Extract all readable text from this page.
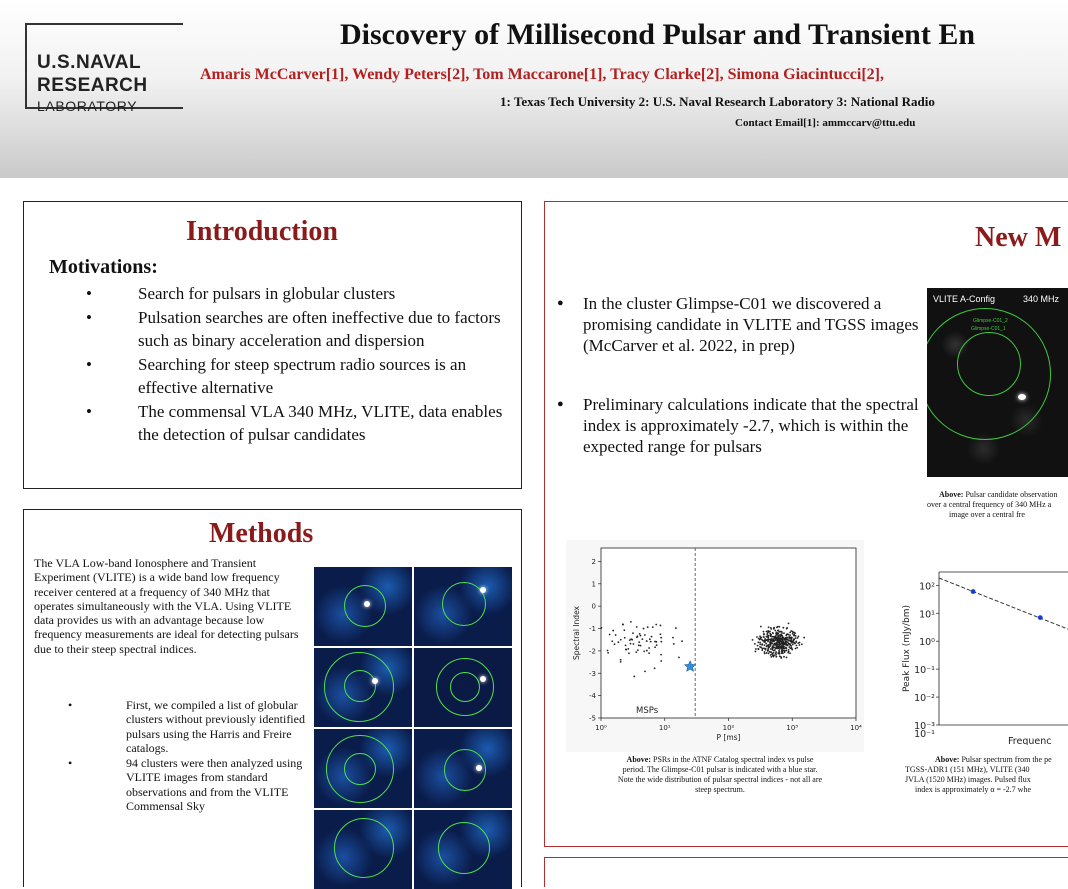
U.S.NAVAL
RESEARCH
LABORATORY
Discovery of Millisecond Pulsar and Transient En
Amaris McCarver[1], Wendy Peters[2], Tom Maccarone[1], Tracy Clarke[2], Simona Giacintucci[2],
1: Texas Tech University 2: U.S. Naval Research Laboratory 3: National Radio
Contact Email[1]: ammccarv@ttu.edu
Introduction
Motivations:
• Search for pulsars in globular clusters
• Pulsation searches are often ineffective due to factors such as binary acceleration and dispersion
• Searching for steep spectrum radio sources is an effective alternative
• The commensal VLA 340 MHz, VLITE, data enables the detection of pulsar candidates
Methods
The VLA Low-band Ionosphere and Transient Experiment (VLITE) is a wide band low frequency receiver centered at a frequency of 340 MHz that operates simultaneously with the VLA. Using VLITE data provides us with an advantage because low frequency measurements are ideal for detecting pulsars due to their steep spectral indices.
• First, we compiled a list of globular clusters without previously identified pulsars using the Harris and Freire catalogs.
• 94 clusters were then analyzed using VLITE images from standard observations and from the VLITE Commensal Sky
New M
● In the cluster Glimpse-C01 we discovered a promising candidate in VLITE and TGSS images (McCarver et al. 2022, in prep)
● Preliminary calculations indicate that the spectral index is approximately -2.7, which is within the expected range for pulsars
VLITE A-Config	340 MHz
Glimpse-C01_2
Glimpse-C01_1
Above: Pulsar candidate observation
over a central frequency of 340 MHz a
image over a central fre
10⁰	10¹	10²	10³	10⁴
2
1
0
-1
-2
-3
-4
-5
P [ms]
Spectral Index
MSPs
Above: PSRs in the ATNF Catalog spectral index vs pulse
period. The Glimpse-C01 pulsar is indicated with a blue star.
Note the wide distribution of pulsar spectral indices - not all are
steep spectrum.
10²
10¹
10⁰
10⁻¹
10⁻²
10⁻³
10⁻¹
Peak Flux (mJy/bm)
Frequenc
Above: Pulsar spectrum from the pe
TGSS-ADR1 (151 MHz), VLITE (340
JVLA (1520 MHz) images. Pulsed flux
index is approximately α = -2.7 whe
